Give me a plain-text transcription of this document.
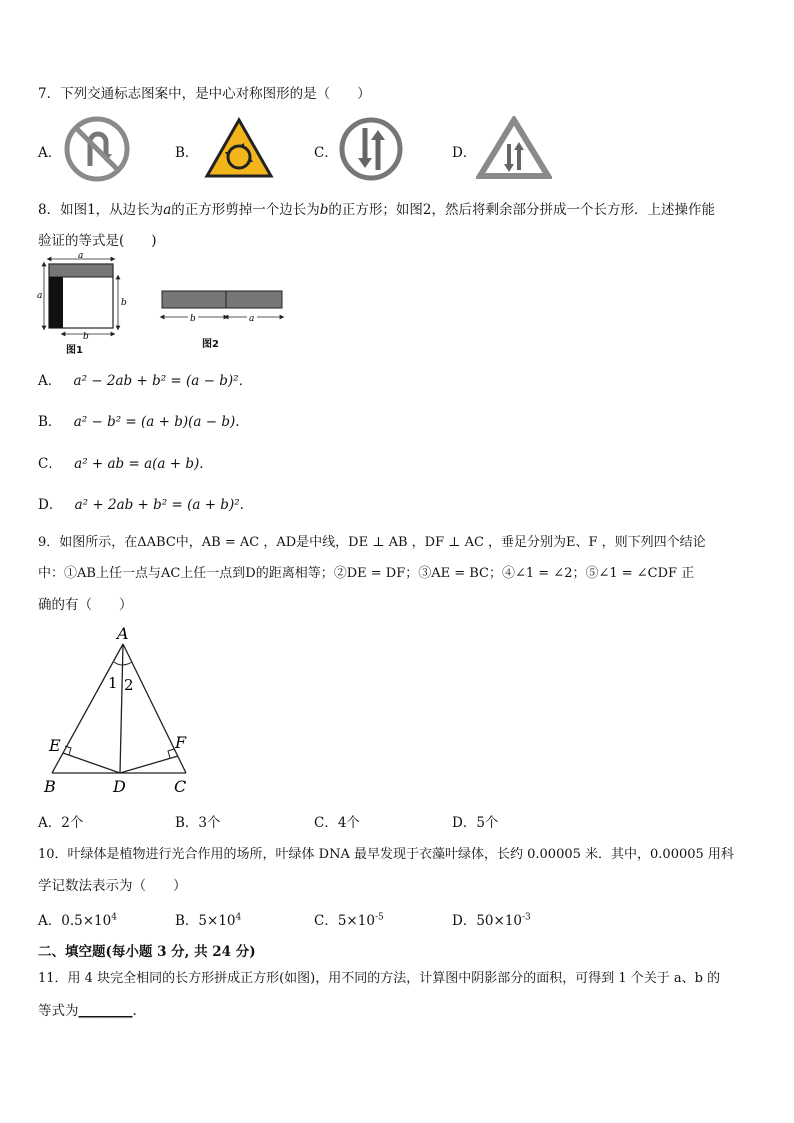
7．下列交通标志图案中，是中心对称图形的是（　　）
A．	B．	C．	D．
8．如图1，从边长为a的正方形剪掉一个边长为b的正方形；如图2，然后将剩余部分拼成一个长方形．上述操作能
验证的等式是(　　)
a
a
b
b
图1
b	a
图2
A． a² − 2ab + b² = (a − b)²．
B． a² − b² = (a + b)(a − b).
C． a² + ab = a(a + b).
D． a² + 2ab + b² = (a + b)².
9．如图所示，在ΔABC中，AB = AC ，AD是中线，DE ⊥ AB ，DF ⊥ AC ，垂足分别为E、F ，则下列四个结论
中：①AB上任一点与AC上任一点到D的距离相等；②DE = DF；③AE = BC；④∠1 = ∠2；⑤∠1 = ∠CDF 正
确的有（　　）
A
B	C
D
E	F
1 2
A．2个	B．3个	C．4个	D．5个
10．叶绿体是植物进行光合作用的场所，叶绿体 DNA 最早发现于衣藻叶绿体，长约 0.00005 米．其中，0.00005 用科
学记数法表示为（　　）
A．$0.5\times 10^4$	B．$5\times 10^4$	C．$5\times 10^{-5}$	D．$50\times 10^{-3}$
二、填空题(每小题 3 分, 共 24 分)
11．用 4 块完全相同的长方形拼成正方形(如图)，用不同的方法，计算图中阴影部分的面积，可得到 1 个关于 a、b 的
等式为________.
